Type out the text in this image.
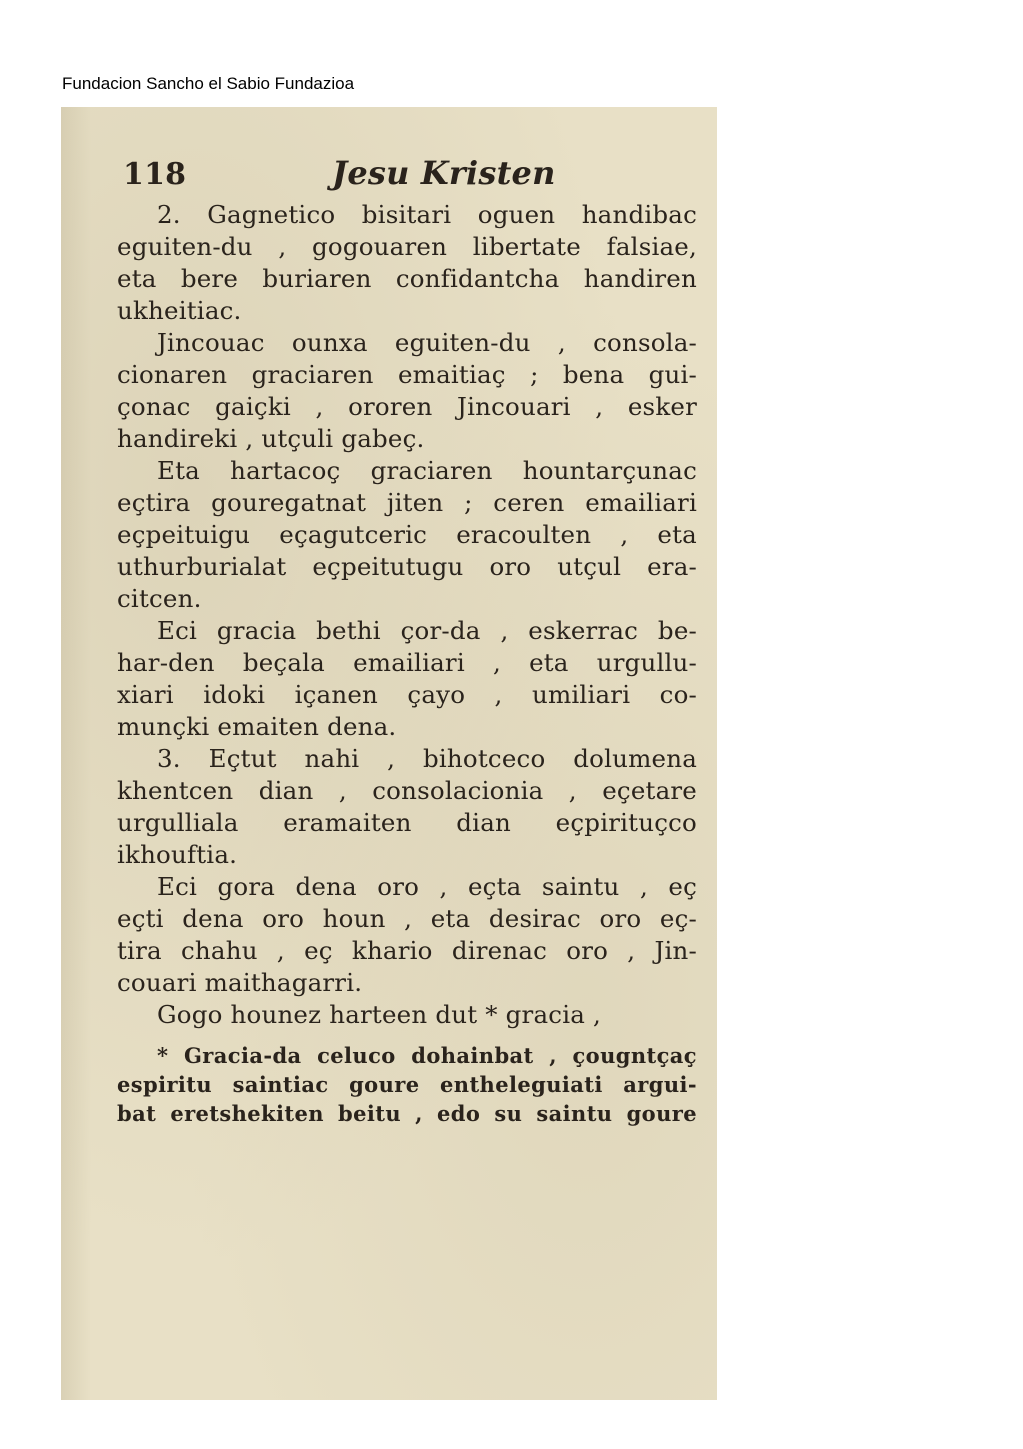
Fundacion Sancho el Sabio Fundazioa
118	Jesu Kristen
2. Gagnetico bisitari oguen handibac
eguiten-du , gogouaren libertate falsiae,
eta bere buriaren confidantcha handiren
ukheitiac.
Jincouac ounxa eguiten-du , consola-
cionaren graciaren emaitiaç ; bena gui-
çonac gaiçki , ororen Jincouari , esker
handireki , utçuli gabeç.
Eta hartacoç graciaren hountarçunac
eçtira gouregatnat jiten ; ceren emailiari
eçpeituigu eçagutceric eracoulten , eta
uthurburialat eçpeitutugu oro utçul era-
citcen.
Eci gracia bethi çor-da , eskerrac be-
har-den beçala emailiari , eta urgullu-
xiari idoki içanen çayo , umiliari co-
munçki emaiten dena.
3. Eçtut nahi , bihotceco dolumena
khentcen dian , consolacionia , eçetare
urgulliala eramaiten dian eçpirituçco
ikhouftia.
Eci gora dena oro , eçta saintu , eç
eçti dena oro houn , eta desirac oro eç-
tira chahu , eç khario direnac oro , Jin-
couari maithagarri.
Gogo hounez harteen dut * gracia ,
* Gracia-da celuco dohainbat , çougntçaç
espiritu saintiac goure entheleguiati argui-
bat eretshekiten beitu , edo su saintu goure
